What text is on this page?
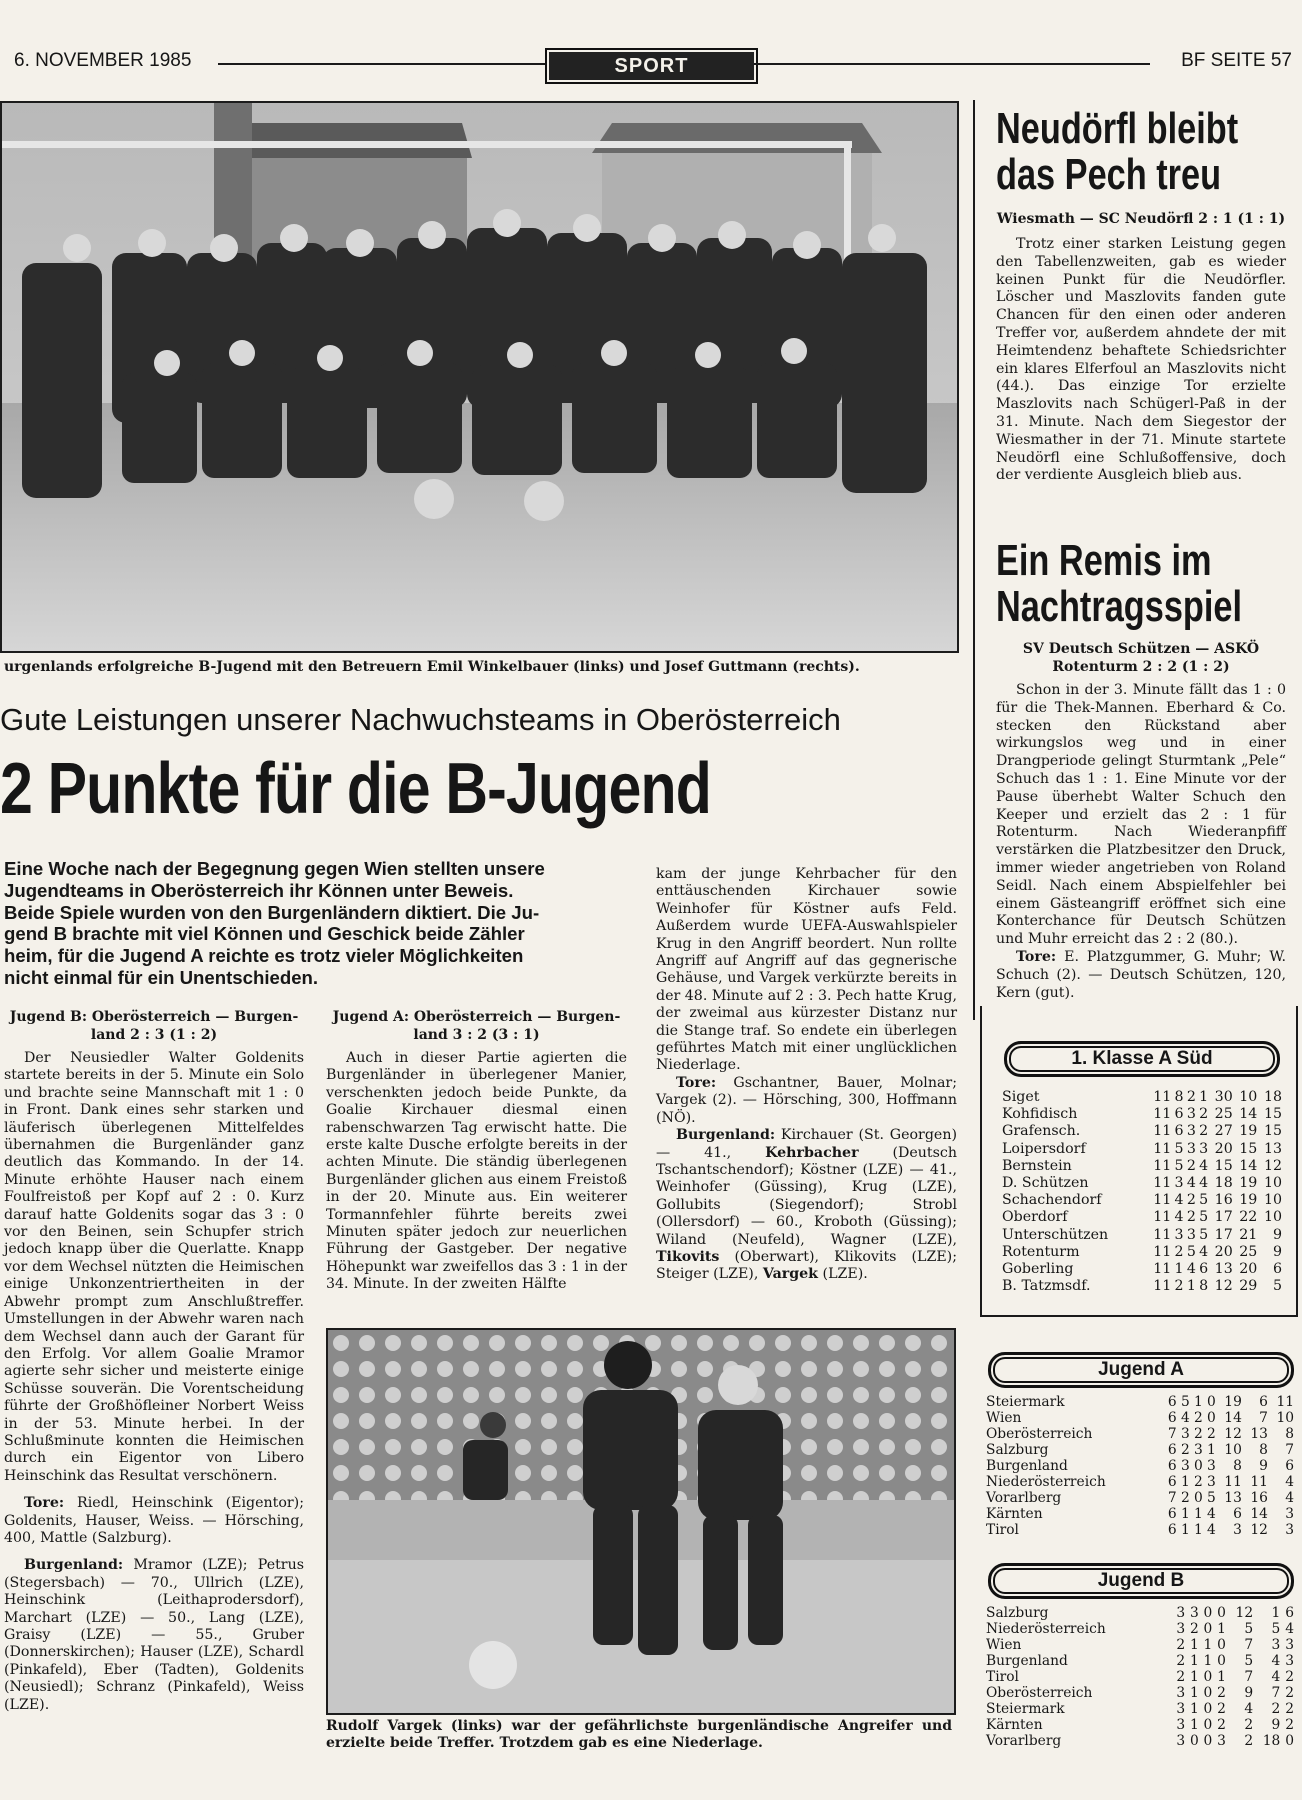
6. NOVEMBER 1985	SPORT	BF SEITE 57
urgenlands erfolgreiche B-Jugend mit den Betreuern Emil Winkelbauer (links) und Josef Guttmann (rechts).
Gute Leistungen unserer Nachwuchsteams in Oberösterreich
2 Punkte für die B-Jugend
Eine Woche nach der Begegnung gegen Wien stellten unsere
Jugendteams in Oberösterreich ihr Können unter Beweis.
Beide Spiele wurden von den Burgenländern diktiert. Die Ju-
gend B brachte mit viel Können und Geschick beide Zähler
heim, für die Jugend A reichte es trotz vieler Möglichkeiten
nicht einmal für ein Unentschieden.
Jugend B: Oberösterreich — Burgen-
land 2 : 3 (1 : 2)

Der Neusiedler Walter Goldenits startete bereits in der 5. Minute ein Solo und brachte seine Mannschaft mit 1 : 0 in Front. Dank eines sehr starken und läuferisch überlegenen Mittelfeldes übernahmen die Burgenländer ganz deutlich das Kommando. In der 14. Minute erhöhte Hauser nach einem Foulfreistoß per Kopf auf 2 : 0. Kurz darauf hatte Goldenits sogar das 3 : 0 vor den Beinen, sein Schupfer strich jedoch knapp über die Querlatte. Knapp vor dem Wechsel nützten die Heimischen einige Unkonzentriertheiten in der Abwehr prompt zum Anschlußtreffer. Umstellungen in der Abwehr waren nach dem Wechsel dann auch der Garant für den Erfolg. Vor allem Goalie Mramor agierte sehr sicher und meisterte einige Schüsse souverän. Die Vorentscheidung führte der Großhöfleiner Norbert Weiss in der 53. Minute herbei. In der Schlußminute konnten die Heimischen durch ein Eigentor von Libero Heinschink das Resultat verschönern.

Tore: Riedl, Heinschink (Eigentor); Goldenits, Hauser, Weiss. — Hörsching, 400, Mattle (Salzburg).

Burgenland: Mramor (LZE); Petrus (Stegersbach) — 70., Ullrich (LZE), Heinschink (Leithaprodersdorf), Marchart (LZE) — 50., Lang (LZE), Graisy (LZE) — 55., Gruber (Donnerskirchen); Hauser (LZE), Schardl (Pinkafeld), Eber (Tadten), Goldenits (Neusiedl); Schranz (Pinkafeld), Weiss (LZE).

Jugend A: Oberösterreich — Burgen-
land 3 : 2 (3 : 1)

Auch in dieser Partie agierten die Burgenländer in überlegener Manier, verschenkten jedoch beide Punkte, da Goalie Kirchauer diesmal einen rabenschwarzen Tag erwischt hatte. Die erste kalte Dusche erfolgte bereits in der achten Minute. Die ständig überlegenen Burgenländer glichen aus einem Freistoß in der 20. Minute aus. Ein weiterer Tormannfehler führte bereits zwei Minuten später jedoch zur neuerlichen Führung der Gastgeber. Der negative Höhepunkt war zweifellos das 3 : 1 in der 34. Minute. In der zweiten Hälfte

kam der junge Kehrbacher für den enttäuschenden Kirchauer sowie Weinhofer für Köstner aufs Feld. Außerdem wurde UEFA-Auswahlspieler Krug in den Angriff beordert. Nun rollte Angriff auf Angriff auf das gegnerische Gehäuse, und Vargek verkürzte bereits in der 48. Minute auf 2 : 3. Pech hatte Krug, der zweimal aus kürzester Distanz nur die Stange traf. So endete ein überlegen geführtes Match mit einer unglücklichen Niederlage.

Tore: Gschantner, Bauer, Molnar; Vargek (2). — Hörsching, 300, Hoffmann (NÖ).

Burgenland: Kirchauer (St. Georgen) — 41., Kehrbacher (Deutsch Tschantschendorf); Köstner (LZE) — 41., Weinhofer (Güssing), Krug (LZE), Gollubits (Siegendorf); Strobl (Ollersdorf) — 60., Kroboth (Güssing); Wiland (Neufeld), Wagner (LZE), Tikovits (Oberwart), Klikovits (LZE); Steiger (LZE), Vargek (LZE).

Rudolf Vargek (links) war der gefährlichste burgenländische Angreifer und erzielte beide Treffer. Trotzdem gab es eine Niederlage.
Neudörfl bleibt
das Pech treu
Wiesmath — SC Neudörfl 2 : 1 (1 : 1)
Trotz einer starken Leistung gegen den Tabellenzweiten, gab es wieder keinen Punkt für die Neudörfler. Löscher und Maszlovits fanden gute Chancen für den einen oder anderen Treffer vor, außerdem ahndete der mit Heimtendenz behaftete Schiedsrichter ein klares Elferfoul an Maszlovits nicht (44.). Das einzige Tor erzielte Maszlovits nach Schügerl-Paß in der 31. Minute. Nach dem Siegestor der Wiesmather in der 71. Minute startete Neudörfl eine Schlußoffensive, doch der verdiente Ausgleich blieb aus.
Ein Remis im
Nachtragsspiel
SV Deutsch Schützen — ASKÖ Rotenturm 2 : 2 (1 : 2)
Schon in der 3. Minute fällt das 1 : 0 für die Thek-Mannen. Eberhard & Co. stecken den Rückstand aber wirkungslos weg und in einer Drangperiode gelingt Sturmtank „Pele“ Schuch das 1 : 1. Eine Minute vor der Pause überhebt Walter Schuch den Keeper und erzielt das 2 : 1 für Rotenturm. Nach Wiederanpfiff verstärken die Platzbesitzer den Druck, immer wieder angetrieben von Roland Seidl. Nach einem Abspielfehler bei einem Gästeangriff eröffnet sich eine Konterchance für Deutsch Schützen und Muhr erreicht das 2 : 2 (80.).
Tore: E. Platzgummer, G. Muhr; W. Schuch (2). — Deutsch Schützen, 120, Kern (gut).
1. Klasse A Süd
Siget	11	8	2	1	30	10	18
Kohfidisch	11	6	3	2	25	14	15
Grafensch.	11	6	3	2	27	19	15
Loipersdorf	11	5	3	3	20	15	13
Bernstein	11	5	2	4	15	14	12
D. Schützen	11	3	4	4	18	19	10
Schachendorf	11	4	2	5	16	19	10
Oberdorf	11	4	2	5	17	22	10
Unterschützen	11	3	3	5	17	21	9
Rotenturm	11	2	5	4	20	25	9
Goberling	11	1	4	6	13	20	6
B. Tatzmsdf.	11	2	1	8	12	29	5
Jugend A
Steiermark	6	5	1	0	19	6	11
Wien	6	4	2	0	14	7	10
Oberösterreich	7	3	2	2	12	13	8
Salzburg	6	2	3	1	10	8	7
Burgenland	6	3	0	3	8	9	6
Niederösterreich	6	1	2	3	11	11	4
Vorarlberg	7	2	0	5	13	16	4
Kärnten	6	1	1	4	6	14	3
Tirol	6	1	1	4	3	12	3
Jugend B
Salzburg	3	3	0	0	12	1	6
Niederösterreich	3	2	0	1	5	5	4
Wien	2	1	1	0	7	3	3
Burgenland	2	1	1	0	5	4	3
Tirol	2	1	0	1	7	4	2
Oberösterreich	3	1	0	2	9	7	2
Steiermark	3	1	0	2	4	2	2
Kärnten	3	1	0	2	2	9	2
Vorarlberg	3	0	0	3	2	18	0
